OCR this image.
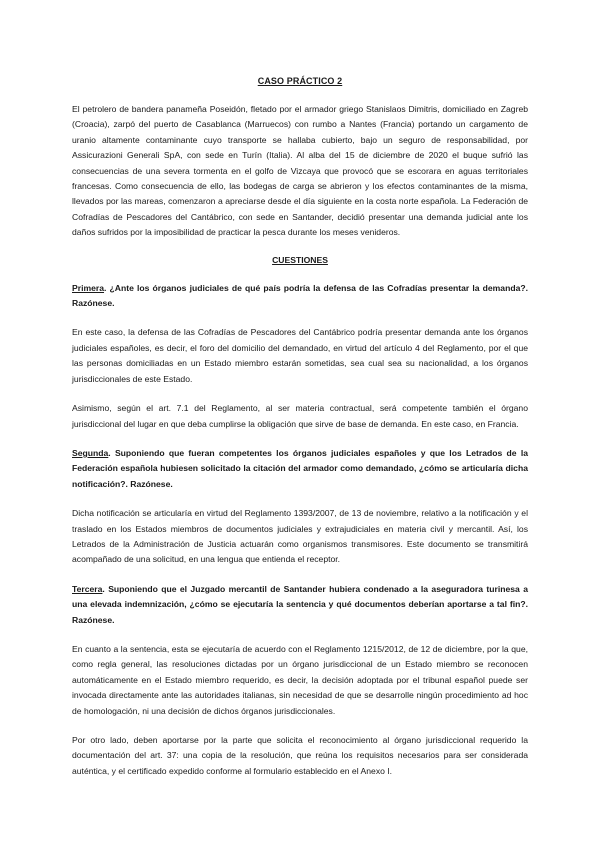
CASO PRÁCTICO 2

El petrolero de bandera panameña Poseidón, fletado por el armador griego Stanislaos Dimitris, domiciliado en Zagreb (Croacia), zarpó del puerto de Casablanca (Marruecos) con rumbo a Nantes (Francia) portando un cargamento de uranio altamente contaminante cuyo transporte se hallaba cubierto, bajo un seguro de responsabilidad, por Assicurazioni Generali SpA, con sede en Turín (Italia). Al alba del 15 de diciembre de 2020 el buque sufrió las consecuencias de una severa tormenta en el golfo de Vizcaya que provocó que se escorara en aguas territoriales francesas. Como consecuencia de ello, las bodegas de carga se abrieron y los efectos contaminantes de la misma, llevados por las mareas, comenzaron a apreciarse desde el día siguiente en la costa norte española. La Federación de Cofradías de Pescadores del Cantábrico, con sede en Santander, decidió presentar una demanda judicial ante los daños sufridos por la imposibilidad de practicar la pesca durante los meses venideros.

CUESTIONES

Primera. ¿Ante los órganos judiciales de qué país podría la defensa de las Cofradías presentar la demanda?. Razónese.

En este caso, la defensa de las Cofradías de Pescadores del Cantábrico podría presentar demanda ante los órganos judiciales españoles, es decir, el foro del domicilio del demandado, en virtud del artículo 4 del Reglamento, por el que las personas domiciliadas en un Estado miembro estarán sometidas, sea cual sea su nacionalidad, a los órganos jurisdiccionales de este Estado.

Asimismo, según el art. 7.1 del Reglamento, al ser materia contractual, será competente también el órgano jurisdiccional del lugar en que deba cumplirse la obligación que sirve de base de demanda. En este caso, en Francia.

Segunda. Suponiendo que fueran competentes los órganos judiciales españoles y que los Letrados de la Federación española hubiesen solicitado la citación del armador como demandado, ¿cómo se articularía dicha notificación?. Razónese.

Dicha notificación se articularía en virtud del Reglamento 1393/2007, de 13 de noviembre, relativo a la notificación y el traslado en los Estados miembros de documentos judiciales y extrajudiciales en materia civil y mercantil. Así, los Letrados de la Administración de Justicia actuarán como organismos transmisores. Este documento se transmitirá acompañado de una solicitud, en una lengua que entienda el receptor.

Tercera. Suponiendo que el Juzgado mercantil de Santander hubiera condenado a la aseguradora turinesa a una elevada indemnización, ¿cómo se ejecutaría la sentencia y qué documentos deberían aportarse a tal fin?. Razónese.

En cuanto a la sentencia, esta se ejecutaría de acuerdo con el Reglamento 1215/2012, de 12 de diciembre, por la que, como regla general, las resoluciones dictadas por un órgano jurisdiccional de un Estado miembro se reconocen automáticamente en el Estado miembro requerido, es decir, la decisión adoptada por el tribunal español puede ser invocada directamente ante las autoridades italianas, sin necesidad de que se desarrolle ningún procedimiento ad hoc de homologación, ni una decisión de dichos órganos jurisdiccionales.

Por otro lado, deben aportarse por la parte que solicita el reconocimiento al órgano jurisdiccional requerido la documentación del art. 37: una copia de la resolución, que reúna los requisitos necesarios para ser considerada auténtica, y el certificado expedido conforme al formulario establecido en el Anexo I.
